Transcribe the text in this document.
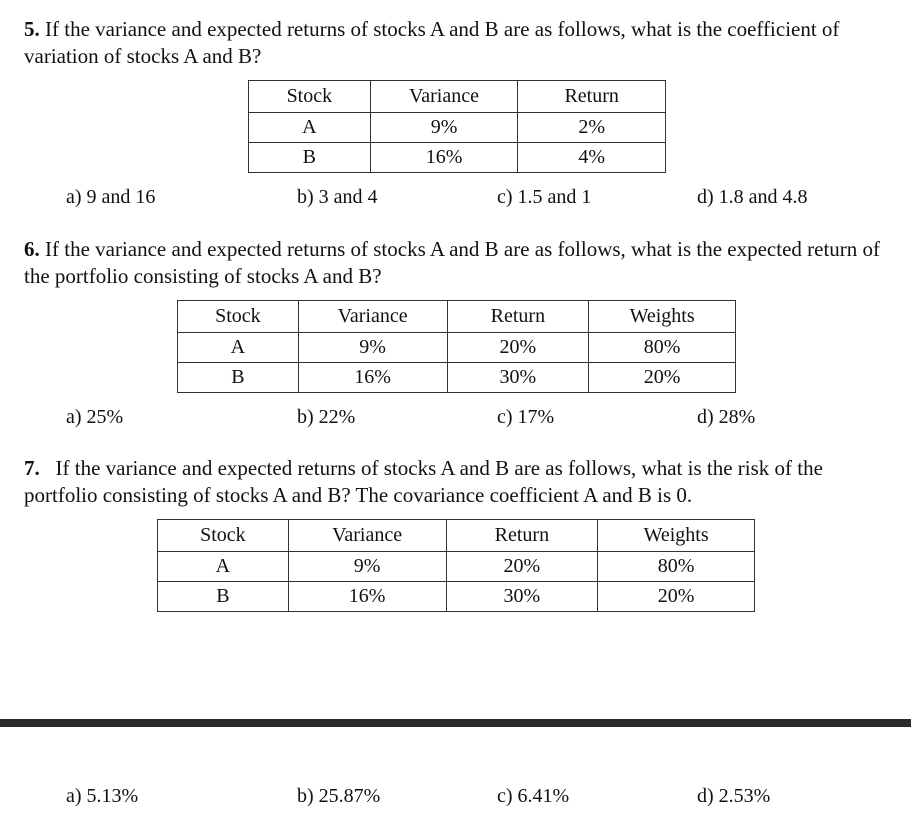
5. If the variance and expected returns of stocks A and B are as follows, what is the coefficient of variation of stocks A and B?

Stock	Variance	Return
A	9%	2%
B	16%	4%
a) 9 and 16	b) 3 and 4	c) 1.5 and 1	d) 1.8 and 4.8

6. If the variance and expected returns of stocks A and B are as follows, what is the expected return of the portfolio consisting of stocks A and B?

Stock	Variance	Return	Weights
A	9%	20%	80%
B	16%	30%	20%
a) 25%	b) 22%	c) 17%	d) 28%

7. If the variance and expected returns of stocks A and B are as follows, what is the risk of the portfolio consisting of stocks A and B? The covariance coefficient A and B is 0.

Stock	Variance	Return	Weights
A	9%	20%	80%
B	16%	30%	20%
a) 5.13%	b) 25.87%	c) 6.41%	d) 2.53%
